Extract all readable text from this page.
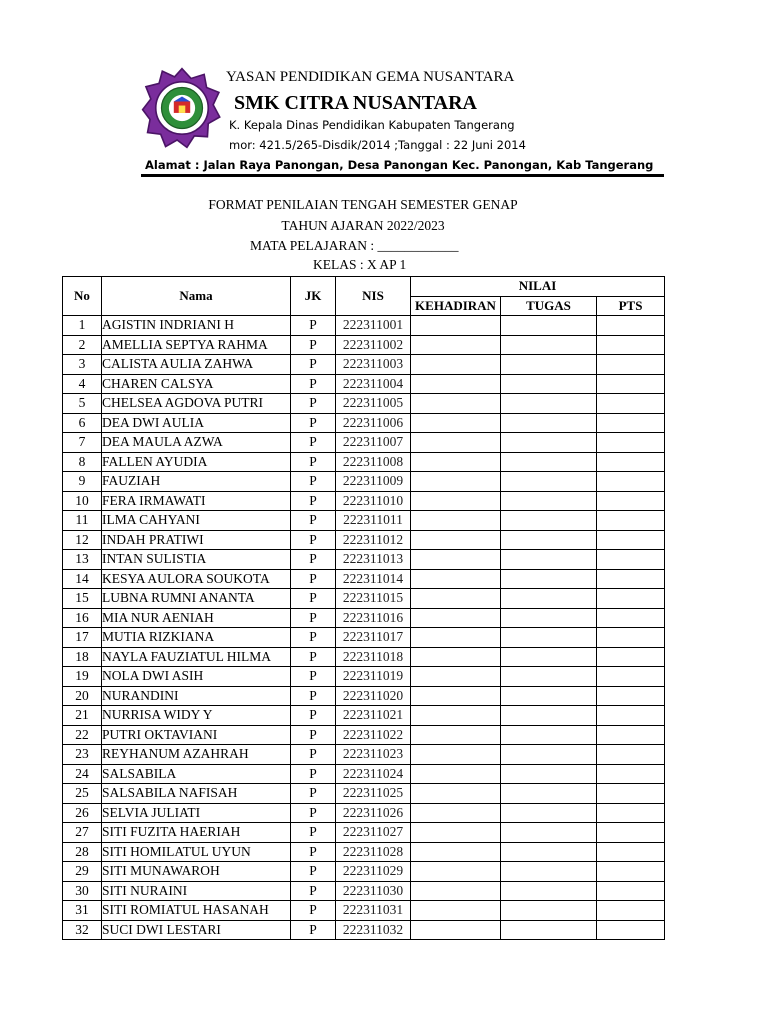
YASAN PENDIDIKAN GEMA NUSANTARA
SMK CITRA NUSANTARA
K. Kepala Dinas Pendidikan Kabupaten Tangerang
mor: 421.5/265-Disdik/2014 ;Tanggal : 22 Juni 2014
Alamat : Jalan Raya Panongan, Desa Panongan Kec. Panongan, Kab Tangerang
FORMAT PENILAIAN TENGAH SEMESTER GENAP
TAHUN AJARAN 2022/2023
MATA PELAJARAN : ____________
KELAS : X AP 1
No	Nama	JK	NIS	NILAI		
				KEHADIRAN	TUGAS	PTS
1	AGISTIN INDRIANI H	P	222311001			
2	AMELLIA SEPTYA RAHMA	P	222311002			
3	CALISTA AULIA ZAHWA	P	222311003			
4	CHAREN CALSYA	P	222311004			
5	CHELSEA AGDOVA PUTRI	P	222311005			
6	DEA DWI AULIA	P	222311006			
7	DEA MAULA AZWA	P	222311007			
8	FALLEN AYUDIA	P	222311008			
9	FAUZIAH	P	222311009			
10	FERA IRMAWATI	P	222311010			
11	ILMA CAHYANI	P	222311011			
12	INDAH PRATIWI	P	222311012			
13	INTAN SULISTIA	P	222311013			
14	KESYA AULORA SOUKOTA	P	222311014			
15	LUBNA RUMNI ANANTA	P	222311015			
16	MIA NUR AENIAH	P	222311016			
17	MUTIA RIZKIANA	P	222311017			
18	NAYLA FAUZIATUL HILMA	P	222311018			
19	NOLA DWI ASIH	P	222311019			
20	NURANDINI	P	222311020			
21	NURRISA WIDY Y	P	222311021			
22	PUTRI OKTAVIANI	P	222311022			
23	REYHANUM AZAHRAH	P	222311023			
24	SALSABILA	P	222311024			
25	SALSABILA NAFISAH	P	222311025			
26	SELVIA JULIATI	P	222311026			
27	SITI FUZITA HAERIAH	P	222311027			
28	SITI HOMILATUL UYUN	P	222311028			
29	SITI MUNAWAROH	P	222311029			
30	SITI NURAINI	P	222311030			
31	SITI ROMIATUL HASANAH	P	222311031			
32	SUCI DWI LESTARI	P	222311032			
